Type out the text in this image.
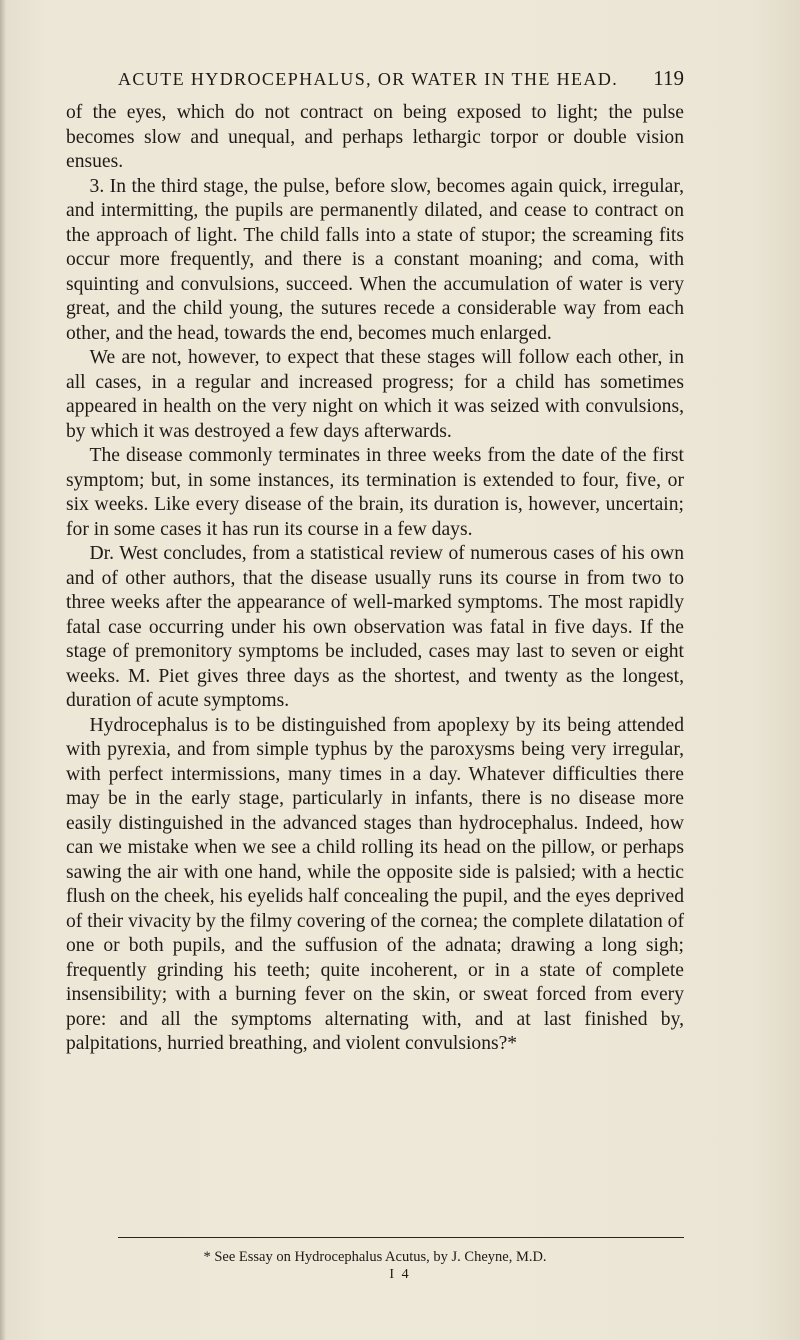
ACUTE HYDROCEPHALUS, OR WATER IN THE HEAD. 119

of the eyes, which do not contract on being exposed to light; the pulse becomes slow and unequal, and perhaps lethargic torpor or double vision ensues.

3. In the third stage, the pulse, before slow, becomes again quick, irregular, and intermitting, the pupils are permanently dilated, and cease to contract on the approach of light. The child falls into a state of stupor; the screaming fits occur more frequently, and there is a constant moaning; and coma, with squinting and convulsions, succeed. When the accumulation of water is very great, and the child young, the sutures recede a considerable way from each other, and the head, towards the end, becomes much enlarged.

We are not, however, to expect that these stages will follow each other, in all cases, in a regular and increased progress; for a child has sometimes appeared in health on the very night on which it was seized with convulsions, by which it was destroyed a few days afterwards.

The disease commonly terminates in three weeks from the date of the first symptom; but, in some instances, its termination is extended to four, five, or six weeks. Like every disease of the brain, its duration is, however, uncertain; for in some cases it has run its course in a few days.

Dr. West concludes, from a statistical review of numerous cases of his own and of other authors, that the disease usually runs its course in from two to three weeks after the appearance of well-marked symptoms. The most rapidly fatal case occurring under his own observation was fatal in five days. If the stage of premonitory symptoms be included, cases may last to seven or eight weeks. M. Piet gives three days as the shortest, and twenty as the longest, duration of acute symptoms.

Hydrocephalus is to be distinguished from apoplexy by its being attended with pyrexia, and from simple typhus by the paroxysms being very irregular, with perfect intermissions, many times in a day. Whatever difficulties there may be in the early stage, particularly in infants, there is no disease more easily distinguished in the advanced stages than hydrocephalus. Indeed, how can we mistake when we see a child rolling its head on the pillow, or perhaps sawing the air with one hand, while the opposite side is palsied; with a hectic flush on the cheek, his eyelids half concealing the pupil, and the eyes deprived of their vivacity by the filmy covering of the cornea; the complete dilatation of one or both pupils, and the suffusion of the adnata; drawing a long sigh; frequently grinding his teeth; quite incoherent, or in a state of complete insensibility; with a burning fever on the skin, or sweat forced from every pore: and all the symptoms alternating with, and at last finished by, palpitations, hurried breathing, and violent convulsions?*

* See Essay on Hydrocephalus Acutus, by J. Cheyne, M.D.
I 4
